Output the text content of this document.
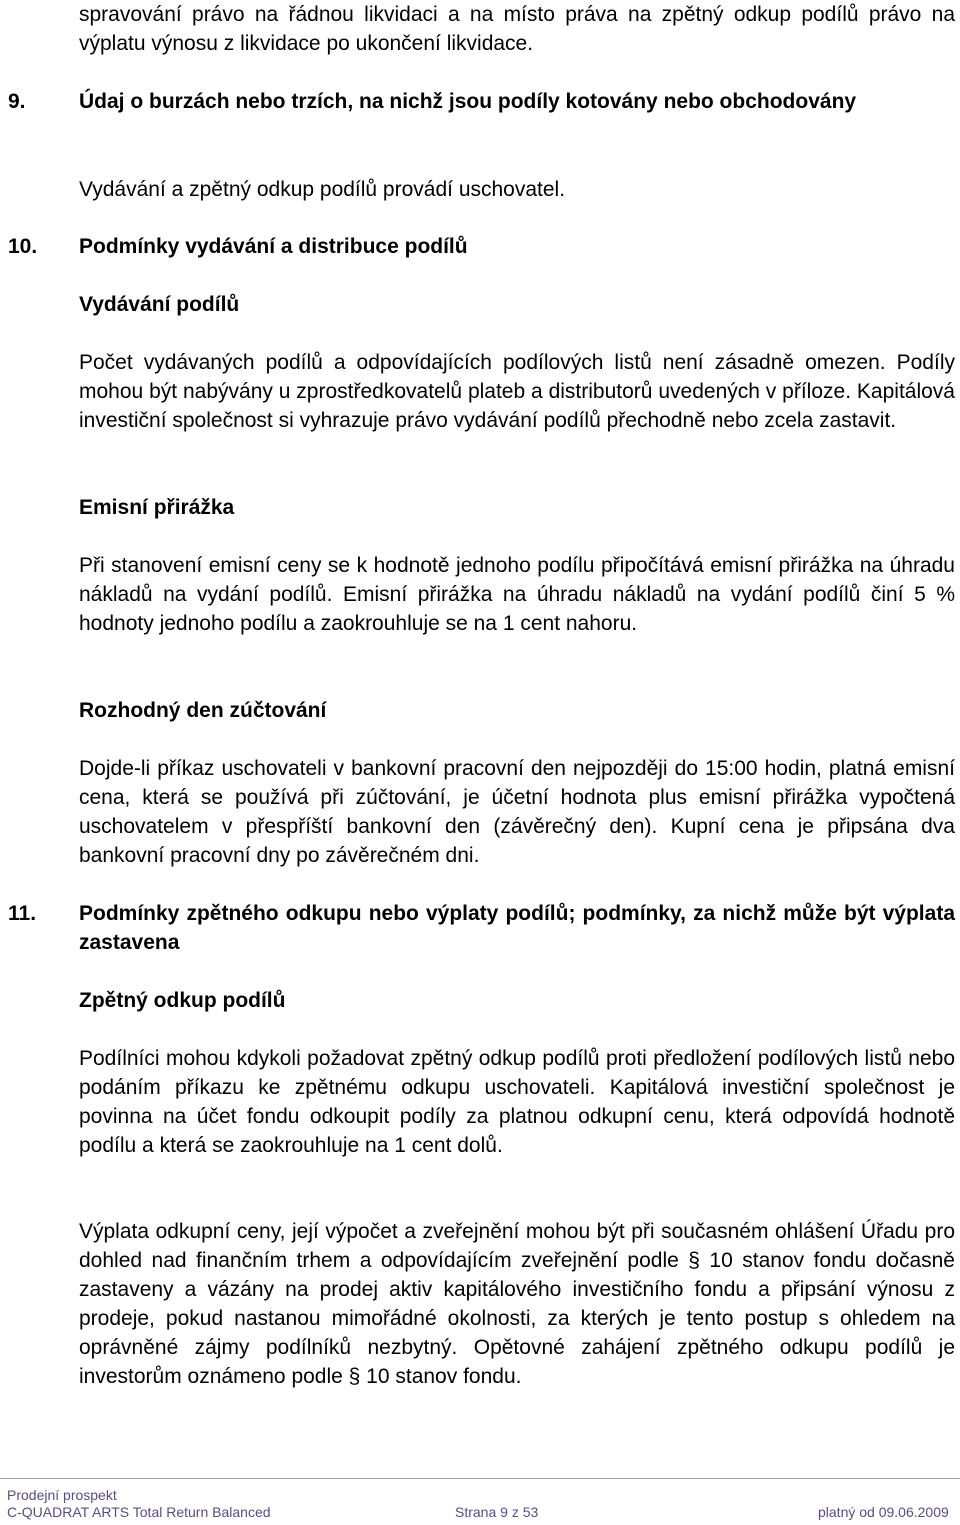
spravování právo na řádnou likvidaci a na místo práva na zpětný odkup podílů právo na výplatu výnosu z likvidace po ukončení likvidace.

9.	Údaj o burzách nebo trzích, na nichž jsou podíly kotovány nebo obchodovány

Vydávání a zpětný odkup podílů provádí uschovatel.

10. Podmínky vydávání a distribuce podílů

Vydávání podílů

Počet vydávaných podílů a odpovídajících podílových listů není zásadně omezen. Podíly mohou být nabývány u zprostředkovatelů plateb a distributorů uvedených v příloze. Kapitálová investiční společnost si vyhrazuje právo vydávání podílů přechodně nebo zcela zastavit.

Emisní přirážka

Při stanovení emisní ceny se k hodnotě jednoho podílu připočítává emisní přirážka na úhradu nákladů na vydání podílů. Emisní přirážka na úhradu nákladů na vydání podílů činí 5 % hodnoty jednoho podílu a zaokrouhluje se na 1 cent nahoru.

Rozhodný den zúčtování

Dojde-li příkaz uschovateli v bankovní pracovní den nejpozději do 15:00 hodin, platná emisní cena, která se používá při zúčtování, je účetní hodnota plus emisní přirážka vypočtená uschovatelem v přespříští bankovní den (závěrečný den). Kupní cena je připsána dva bankovní pracovní dny po závěrečném dni.

11. Podmínky zpětného odkupu nebo výplaty podílů; podmínky, za nichž může být výplata zastavena

Zpětný odkup podílů

Podílníci mohou kdykoli požadovat zpětný odkup podílů proti předložení podílových listů nebo podáním příkazu ke zpětnému odkupu uschovateli. Kapitálová investiční společnost je povinna na účet fondu odkoupit podíly za platnou odkupní cenu, která odpovídá hodnotě podílu a která se zaokrouhluje na 1 cent dolů.

Výplata odkupní ceny, její výpočet a zveřejnění mohou být při současném ohlášení Úřadu pro dohled nad finančním trhem a odpovídajícím zveřejnění podle § 10 stanov fondu dočasně zastaveny a vázány na prodej aktiv kapitálového investičního fondu a připsání výnosu z prodeje, pokud nastanou mimořádné okolnosti, za kterých je tento postup s ohledem na oprávněné zájmy podílníků nezbytný. Opětovné zahájení zpětného odkupu podílů je investorům oznámeno podle § 10 stanov fondu.

Prodejní prospekt
C-QUADRAT ARTS Total Return Balanced	Strana 9 z 53	platný od 09.06.2009
